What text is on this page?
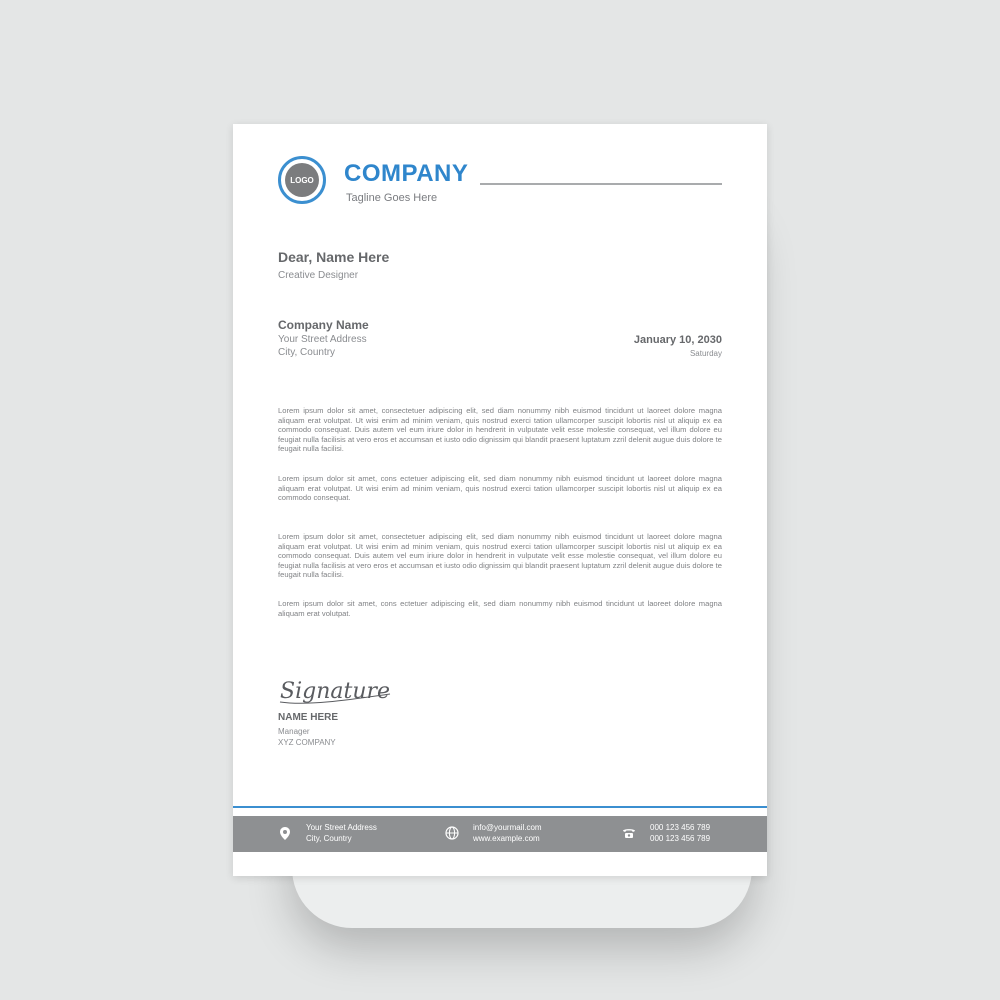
LOGO COMPANY
Tagline Goes Here
Dear, Name Here
Creative Designer
Company Name
Your Street Address
City, Country
January 10, 2030
Saturday

Lorem ipsum dolor sit amet, consectetuer adipiscing elit, sed diam nonummy nibh euismod tincidunt ut laoreet dolore magna aliquam erat volutpat. Ut wisi enim ad minim veniam, quis nostrud exerci tation ullamcorper suscipit lobortis nisl ut aliquip ex ea commodo consequat. Duis autem vel eum iriure dolor in hendrerit in vulputate velit esse molestie consequat, vel illum dolore eu feugiat nulla facilisis at vero eros et accumsan et iusto odio dignissim qui blandit praesent luptatum zzril delenit augue duis dolore te feugait nulla facilisi.

Lorem ipsum dolor sit amet, cons ectetuer adipiscing elit, sed diam nonummy nibh euismod tincidunt ut laoreet dolore magna aliquam erat volutpat. Ut wisi enim ad minim veniam, quis nostrud exerci tation ullamcorper suscipit lobortis nisl ut aliquip ex ea commodo consequat.

Lorem ipsum dolor sit amet, consectetuer adipiscing elit, sed diam nonummy nibh euismod tincidunt ut laoreet dolore magna aliquam erat volutpat. Ut wisi enim ad minim veniam, quis nostrud exerci tation ullamcorper suscipit lobortis nisl ut aliquip ex ea commodo consequat. Duis autem vel eum iriure dolor in hendrerit in vulputate velit esse molestie consequat, vel illum dolore eu feugiat nulla facilisis at vero eros et accumsan et iusto odio dignissim qui blandit praesent luptatum zzril delenit augue duis dolore te feugait nulla facilisi.

Lorem ipsum dolor sit amet, cons ectetuer adipiscing elit, sed diam nonummy nibh euismod tincidunt ut laoreet dolore magna aliquam erat volutpat.

Signature
NAME HERE
Manager
XYZ COMPANY
Your Street Address
City, Country
info@yourmail.com
www.example.com
000 123 456 789
000 123 456 789
